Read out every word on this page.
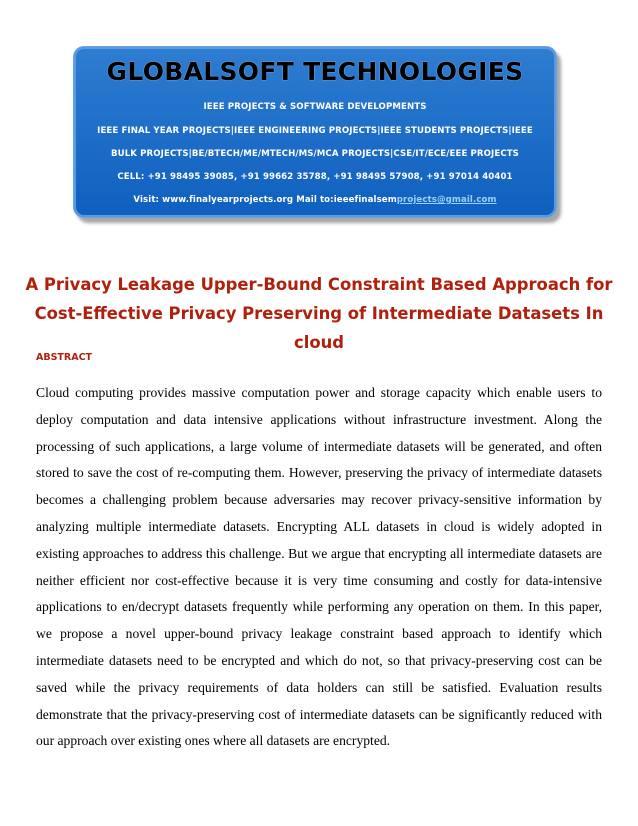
GLOBALSOFT TECHNOLOGIES
IEEE PROJECTS & SOFTWARE DEVELOPMENTS
IEEE FINAL YEAR PROJECTS|IEEE ENGINEERING PROJECTS|IEEE STUDENTS PROJECTS|IEEE
BULK PROJECTS|BE/BTECH/ME/MTECH/MS/MCA PROJECTS|CSE/IT/ECE/EEE PROJECTS
CELL: +91 98495 39085, +91 99662 35788, +91 98495 57908, +91 97014 40401
Visit: www.finalyearprojects.org Mail to:ieeefinalsemprojects@gmail.com
A Privacy Leakage Upper-Bound Constraint Based Approach for Cost-Effective Privacy Preserving of Intermediate Datasets In cloud
ABSTRACT
Cloud computing provides massive computation power and storage capacity which enable users to deploy computation and data intensive applications without infrastructure investment. Along the processing of such applications, a large volume of intermediate datasets will be generated, and often stored to save the cost of re-computing them. However, preserving the privacy of intermediate datasets becomes a challenging problem because adversaries may recover privacy-sensitive information by analyzing multiple intermediate datasets. Encrypting ALL datasets in cloud is widely adopted in existing approaches to address this challenge. But we argue that encrypting all intermediate datasets are neither efficient nor cost-effective because it is very time consuming and costly for data-intensive applications to en/decrypt datasets frequently while performing any operation on them. In this paper, we propose a novel upper-bound privacy leakage constraint based approach to identify which intermediate datasets need to be encrypted and which do not, so that privacy-preserving cost can be saved while the privacy requirements of data holders can still be satisfied. Evaluation results demonstrate that the privacy-preserving cost of intermediate datasets can be significantly reduced with our approach over existing ones where all datasets are encrypted.
